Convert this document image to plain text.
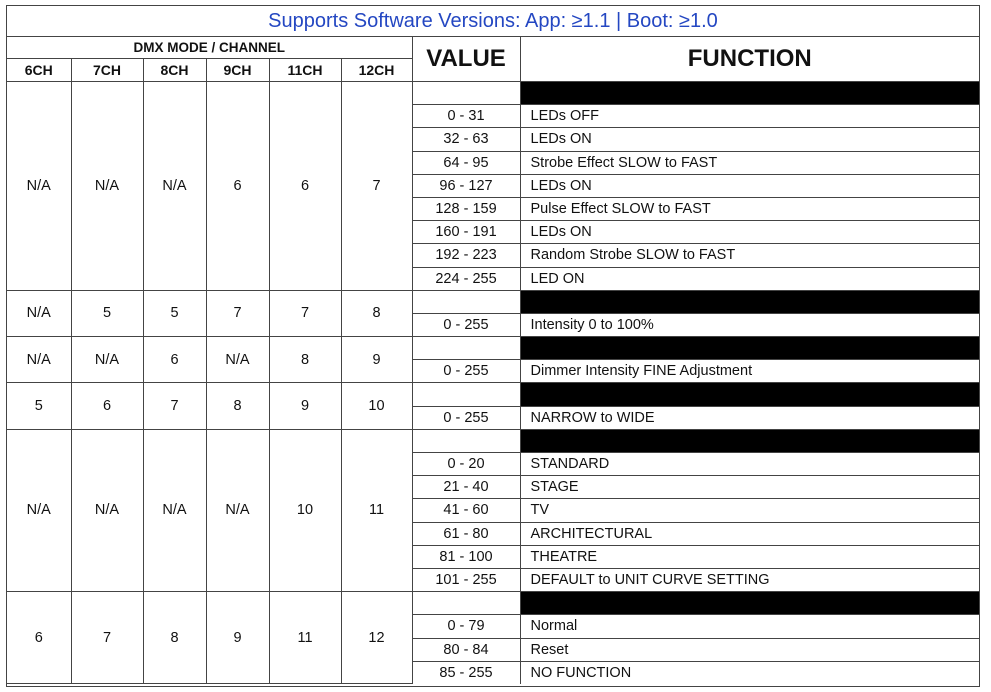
Supports Software Versions: App: ≥1.1 | Boot: ≥1.0
DMX MODE / CHANNEL						VALUE	FUNCTION
6CH	7CH	8CH	9CH	11CH	12CH		
N/A	N/A	N/A	6	6	7		
						0 - 31	LEDs OFF
						32 - 63	LEDs ON
						64 - 95	Strobe Effect SLOW to FAST
						96 - 127	LEDs ON
						128 - 159	Pulse Effect SLOW to FAST
						160 - 191	LEDs ON
						192 - 223	Random Strobe SLOW to FAST
						224 - 255	LED ON
N/A	5	5	7	7	8		
						0 - 255	Intensity 0 to 100%
N/A	N/A	6	N/A	8	9		
						0 - 255	Dimmer Intensity FINE Adjustment
5	6	7	8	9	10		
						0 - 255	NARROW to WIDE
N/A	N/A	N/A	N/A	10	11		
						0 - 20	STANDARD
						21 - 40	STAGE
						41 - 60	TV
						61 - 80	ARCHITECTURAL
						81 - 100	THEATRE
						101 - 255	DEFAULT to UNIT CURVE SETTING
6	7	8	9	11	12		
						0 - 79	Normal
						80 - 84	Reset
						85 - 255	NO FUNCTION
